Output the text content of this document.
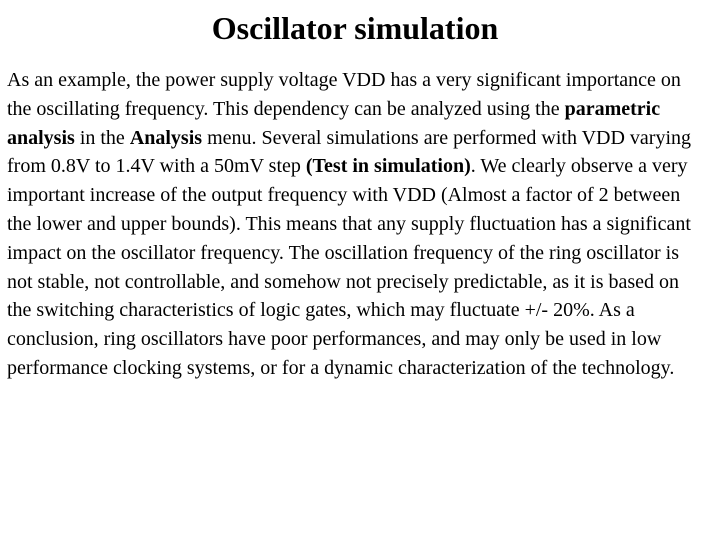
Oscillator simulation

As an example, the power supply voltage VDD has a very significant importance on the oscillating frequency. This dependency can be analyzed using the parametric analysis in the Analysis menu. Several simulations are performed with VDD varying from 0.8V to 1.4V with a 50mV step (Test in simulation). We clearly observe a very important increase of the output frequency with VDD (Almost a factor of 2 between the lower and upper bounds). This means that any supply fluctuation has a significant impact on the oscillator frequency. The oscillation frequency of the ring oscillator is not stable, not controllable, and somehow not precisely predictable, as it is based on the switching characteristics of logic gates, which may fluctuate +/- 20%. As a conclusion, ring oscillators have poor performances, and may only be used in low performance clocking systems, or for a dynamic characterization of the technology.
